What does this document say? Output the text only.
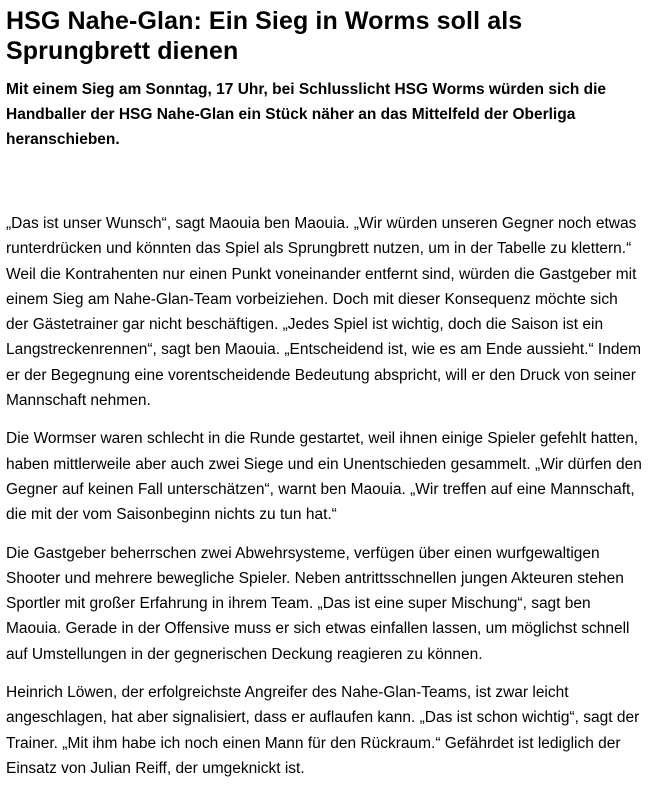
HSG Nahe-Glan: Ein Sieg in Worms soll als Sprungbrett dienen

Mit einem Sieg am Sonntag, 17 Uhr, bei Schlusslicht HSG Worms würden sich die Handballer der HSG Nahe-Glan ein Stück näher an das Mittelfeld der Oberliga heranschieben.

„Das ist unser Wunsch“, sagt Maouia ben Maouia. „Wir würden unseren Gegner noch etwas runterdrücken und könnten das Spiel als Sprungbrett nutzen, um in der Tabelle zu klettern.“ Weil die Kontrahenten nur einen Punkt voneinander entfernt sind, würden die Gastgeber mit einem Sieg am Nahe-Glan-Team vorbeiziehen. Doch mit dieser Konsequenz möchte sich der Gästetrainer gar nicht beschäftigen. „Jedes Spiel ist wichtig, doch die Saison ist ein Langstreckenrennen“, sagt ben Maouia. „Entscheidend ist, wie es am Ende aussieht.“ Indem er der Begegnung eine vorentscheidende Bedeutung abspricht, will er den Druck von seiner Mannschaft nehmen.

Die Wormser waren schlecht in die Runde gestartet, weil ihnen einige Spieler gefehlt hatten, haben mittlerweile aber auch zwei Siege und ein Unentschieden gesammelt. „Wir dürfen den Gegner auf keinen Fall unterschätzen“, warnt ben Maouia. „Wir treffen auf eine Mannschaft, die mit der vom Saisonbeginn nichts zu tun hat.“

Die Gastgeber beherrschen zwei Abwehrsysteme, verfügen über einen wurfgewaltigen Shooter und mehrere bewegliche Spieler. Neben antrittsschnellen jungen Akteuren stehen Sportler mit großer Erfahrung in ihrem Team. „Das ist eine super Mischung“, sagt ben Maouia. Gerade in der Offensive muss er sich etwas einfallen lassen, um möglichst schnell auf Umstellungen in der gegnerischen Deckung reagieren zu können.

Heinrich Löwen, der erfolgreichste Angreifer des Nahe-Glan-Teams, ist zwar leicht angeschlagen, hat aber signalisiert, dass er auflaufen kann. „Das ist schon wichtig“, sagt der Trainer. „Mit ihm habe ich noch einen Mann für den Rückraum.“ Gefährdet ist lediglich der Einsatz von Julian Reiff, der umgeknickt ist.
